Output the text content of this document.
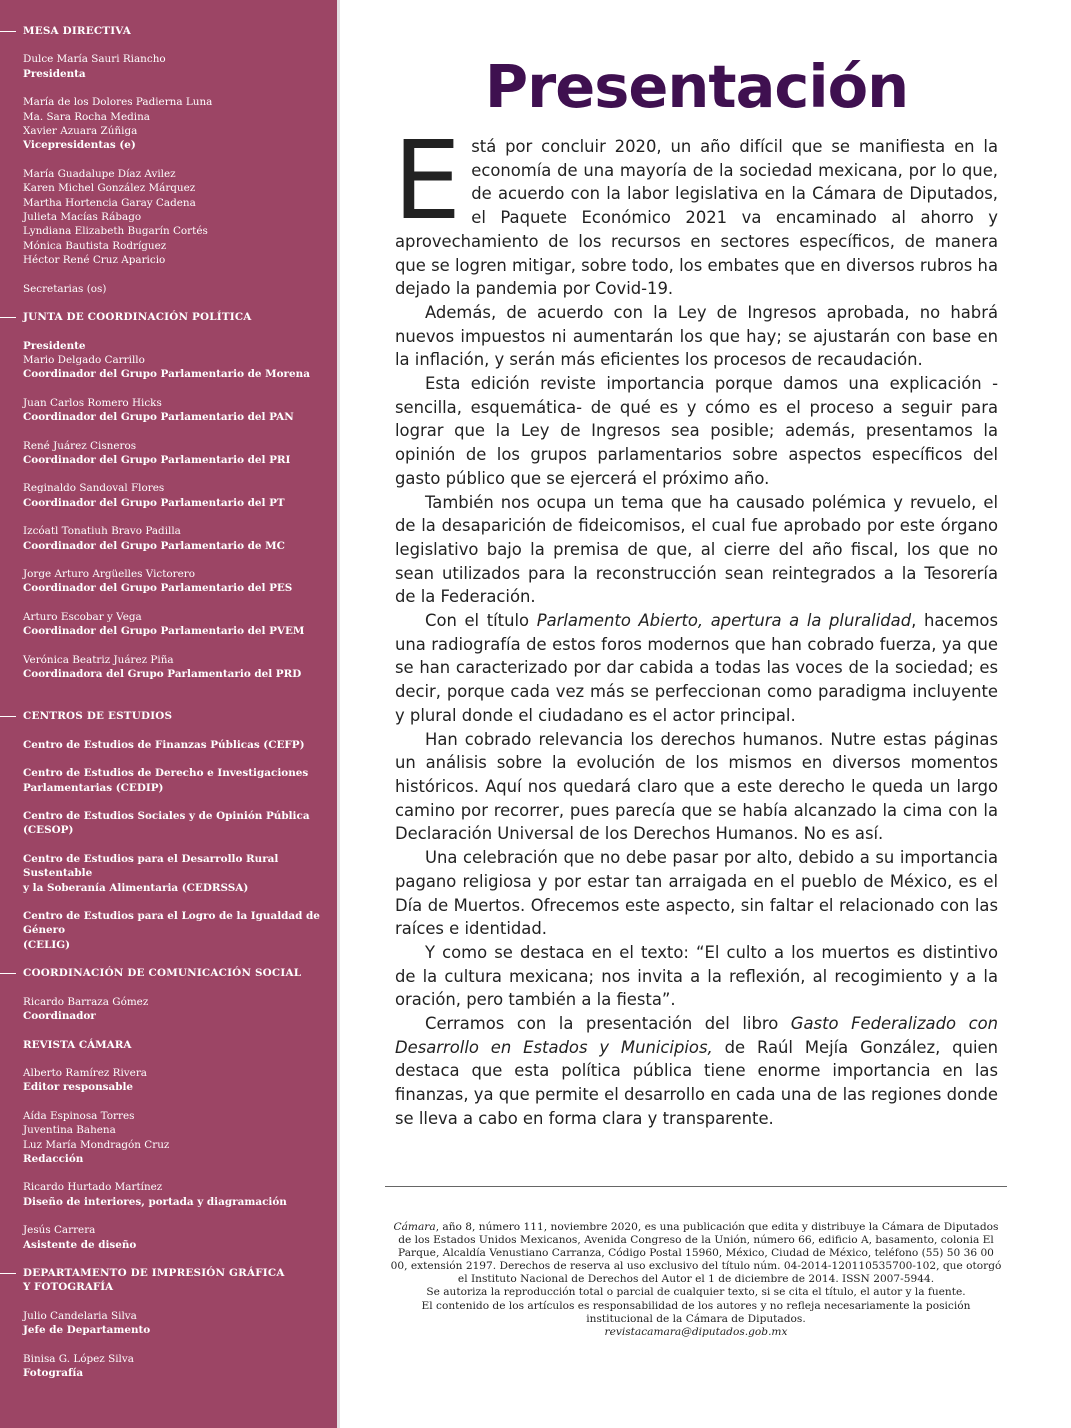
MESA DIRECTIVA
Dulce María Sauri Riancho
Presidenta
María de los Dolores Padierna Luna
Ma. Sara Rocha Medina
Xavier Azuara Zúñiga
Vicepresidentas (e)
María Guadalupe Díaz Avilez
Karen Michel González Márquez
Martha Hortencia Garay Cadena
Julieta Macías Rábago
Lyndiana Elizabeth Bugarín Cortés
Mónica Bautista Rodríguez
Héctor René Cruz Aparicio
Secretarias (os)
JUNTA DE COORDINACIÓN POLÍTICA
Presidente
Mario Delgado Carrillo
Coordinador del Grupo Parlamentario de Morena
Juan Carlos Romero Hicks
Coordinador del Grupo Parlamentario del PAN
René Juárez Cisneros
Coordinador del Grupo Parlamentario del PRI
Reginaldo Sandoval Flores
Coordinador del Grupo Parlamentario del PT
Izcóatl Tonatiuh Bravo Padilla
Coordinador del Grupo Parlamentario de MC
Jorge Arturo Argüelles Victorero
Coordinador del Grupo Parlamentario del PES
Arturo Escobar y Vega
Coordinador del Grupo Parlamentario del PVEM
Verónica Beatriz Juárez Piña
Coordinadora del Grupo Parlamentario del PRD
CENTROS DE ESTUDIOS
Centro de Estudios de Finanzas Públicas (CEFP)
Centro de Estudios de Derecho e Investigaciones
Parlamentarias (CEDIP)
Centro de Estudios Sociales y de Opinión Pública
(CESOP)
Centro de Estudios para el Desarrollo Rural Sustentable
y la Soberanía Alimentaria (CEDRSSA)
Centro de Estudios para el Logro de la Igualdad de
Género
(CELIG)
COORDINACIÓN DE COMUNICACIÓN SOCIAL
Ricardo Barraza Gómez
Coordinador
REVISTA CÁMARA
Alberto Ramírez Rivera
Editor responsable
Aída Espinosa Torres
Juventina Bahena
Luz María Mondragón Cruz
Redacción
Ricardo Hurtado Martínez
Diseño de interiores, portada y diagramación
Jesús Carrera
Asistente de diseño
DEPARTAMENTO DE IMPRESIÓN GRÁFICA
Y FOTOGRAFÍA
Julio Candelaria Silva
Jefe de Departamento
Binisa G. López Silva
Fotografía
Presentación

Está por concluir 2020, un año difícil que se manifiesta en la economía de una mayoría de la sociedad mexicana, por lo que, de acuerdo con la labor legislativa en la Cámara de Diputados, el Paquete Económico 2021 va encaminado al ahorro y aprovechamiento de los recursos en sectores específicos, de manera que se logren mitigar, sobre todo, los embates que en diversos rubros ha dejado la pandemia por Covid-19.

Además, de acuerdo con la Ley de Ingresos aprobada, no habrá nuevos impuestos ni aumentarán los que hay; se ajustarán con base en la inflación, y serán más eficientes los procesos de recaudación.

Esta edición reviste importancia porque damos una explicación -sencilla, esquemática- de qué es y cómo es el proceso a seguir para lograr que la Ley de Ingresos sea posible; además, presentamos la opinión de los grupos parlamentarios sobre aspectos específicos del gasto público que se ejercerá el próximo año.

También nos ocupa un tema que ha causado polémica y revuelo, el de la desaparición de fideicomisos, el cual fue aprobado por este órgano legislativo bajo la premisa de que, al cierre del año fiscal, los que no sean utilizados para la reconstrucción sean reintegrados a la Tesorería de la Federación.

Con el título Parlamento Abierto, apertura a la pluralidad, hacemos una radiografía de estos foros modernos que han cobrado fuerza, ya que se han caracterizado por dar cabida a todas las voces de la sociedad; es decir, porque cada vez más se perfeccionan como paradigma incluyente y plural donde el ciudadano es el actor principal.

Han cobrado relevancia los derechos humanos. Nutre estas páginas un análisis sobre la evolución de los mismos en diversos momentos históricos. Aquí nos quedará claro que a este derecho le queda un largo camino por recorrer, pues parecía que se había alcanzado la cima con la Declaración Universal de los Derechos Humanos. No es así.

Una celebración que no debe pasar por alto, debido a su importancia pagano religiosa y por estar tan arraigada en el pueblo de México, es el Día de Muertos. Ofrecemos este aspecto, sin faltar el relacionado con las raíces e identidad.

Y como se destaca en el texto: “El culto a los muertos es distintivo de la cultura mexicana; nos invita a la reflexión, al recogimiento y a la oración, pero también a la fiesta”.

Cerramos con la presentación del libro Gasto Federalizado con Desarrollo en Estados y Municipios, de Raúl Mejía González, quien destaca que esta política pública tiene enorme importancia en las finanzas, ya que permite el desarrollo en cada una de las regiones donde se lleva a cabo en forma clara y transparente.

Cámara, año 8, número 111, noviembre 2020, es una publicación que edita y distribuye la Cámara de Diputados de los Estados Unidos Mexicanos, Avenida Congreso de la Unión, número 66, edificio A, basamento, colonia El Parque, Alcaldía Venustiano Carranza, Código Postal 15960, México, Ciudad de México, teléfono (55) 50 36 00 00, extensión 2197. Derechos de reserva al uso exclusivo del título núm. 04-2014-120110535700-102, que otorgó el Instituto Nacional de Derechos del Autor el 1 de diciembre de 2014. ISSN 2007-5944.
Se autoriza la reproducción total o parcial de cualquier texto, si se cita el título, el autor y la fuente.
El contenido de los artículos es responsabilidad de los autores y no refleja necesariamente la posición institucional de la Cámara de Diputados.
revistacamara@diputados.gob.mx
